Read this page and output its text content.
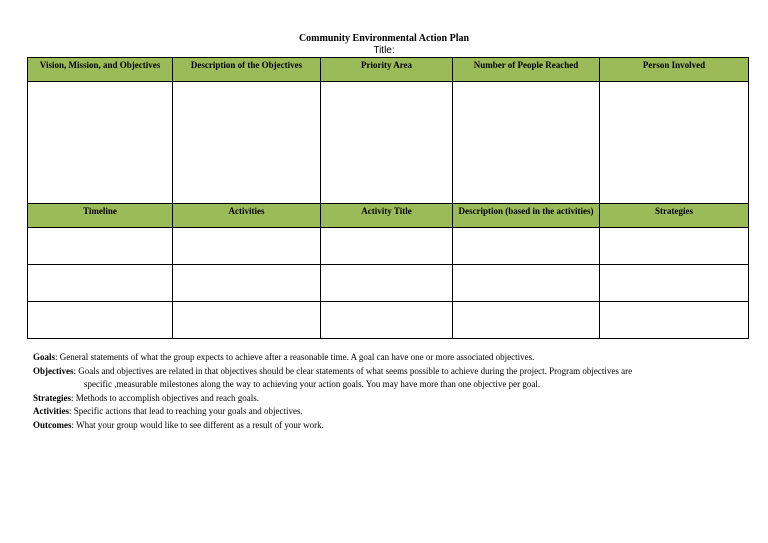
Community Environmental Action Plan
Title:
Vision, Mission, and Objectives	Description of the Objectives	Priority Area	Number of People Reached	Person Involved

Timeline	Activities	Activity Title	Description (based in the activities)	Strategies

Goals: General statements of what the group expects to achieve after a reasonable time. A goal can have one or more associated objectives.
Objectives: Goals and objectives are related in that objectives should be clear statements of what seems possible to achieve during the project. Program objectives are
specific ,measurable milestones along the way to achieving your action goals. You may have more than one objective per goal.
Strategies: Methods to accomplish objectives and reach goals.
Activities: Specific actions that lead to reaching your goals and objectives.
Outcomes: What your group would like to see different as a result of your work.
